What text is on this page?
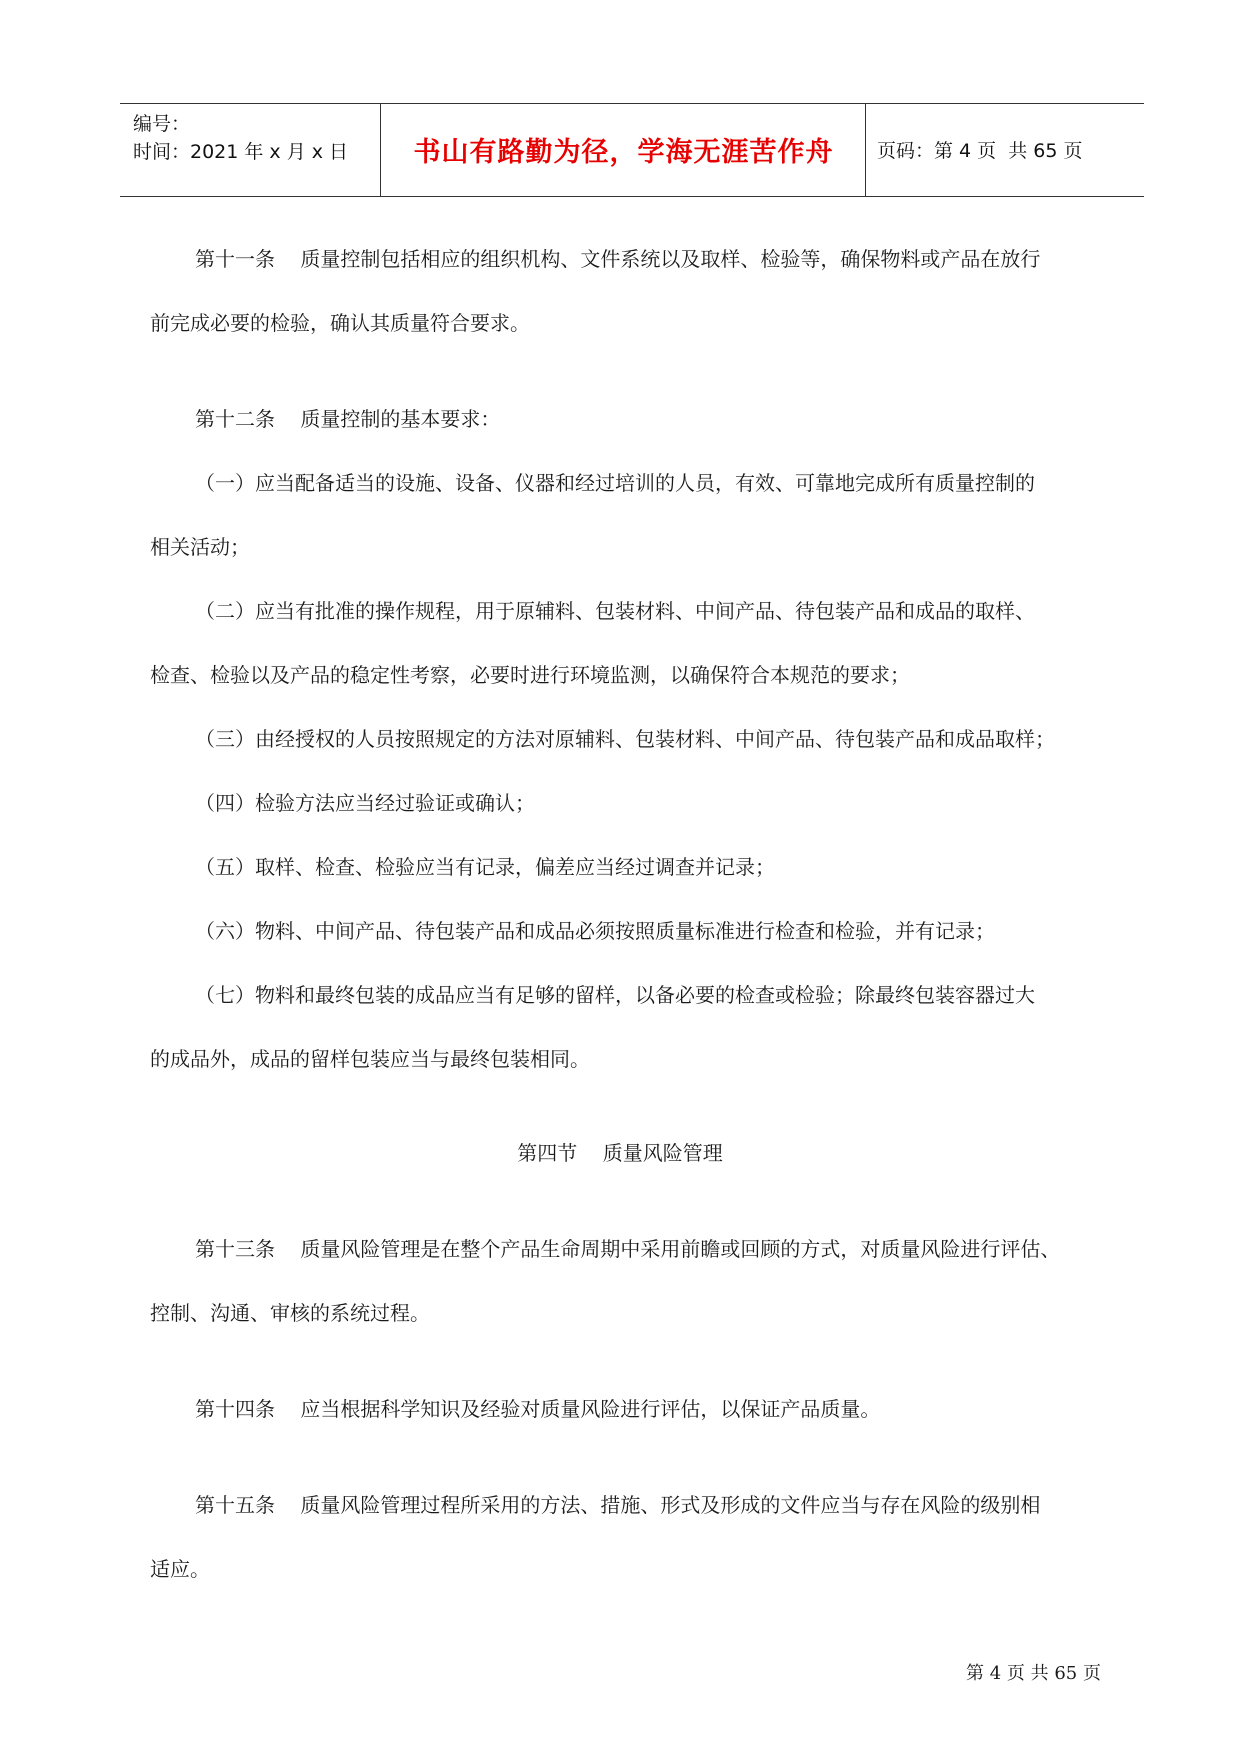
编号：
时间：2021 年 x 月 x 日	书山有路勤为径，学海无涯苦作舟	页码：第 4 页  共 65 页

第十一条    质量控制包括相应的组织机构、文件系统以及取样、检验等，确保物料或产品在放行

前完成必要的检验，确认其质量符合要求。

第十二条    质量控制的基本要求：

（一）应当配备适当的设施、设备、仪器和经过培训的人员，有效、可靠地完成所有质量控制的

相关活动；

（二）应当有批准的操作规程，用于原辅料、包装材料、中间产品、待包装产品和成品的取样、

检查、检验以及产品的稳定性考察，必要时进行环境监测，以确保符合本规范的要求；

（三）由经授权的人员按照规定的方法对原辅料、包装材料、中间产品、待包装产品和成品取样；

（四）检验方法应当经过验证或确认；

（五）取样、检查、检验应当有记录，偏差应当经过调查并记录；

（六）物料、中间产品、待包装产品和成品必须按照质量标准进行检查和检验，并有记录；

（七）物料和最终包装的成品应当有足够的留样，以备必要的检查或检验；除最终包装容器过大

的成品外，成品的留样包装应当与最终包装相同。

第四节    质量风险管理

第十三条    质量风险管理是在整个产品生命周期中采用前瞻或回顾的方式，对质量风险进行评估、

控制、沟通、审核的系统过程。

第十四条    应当根据科学知识及经验对质量风险进行评估，以保证产品质量。

第十五条    质量风险管理过程所采用的方法、措施、形式及形成的文件应当与存在风险的级别相

适应。

第 4 页 共 65 页
